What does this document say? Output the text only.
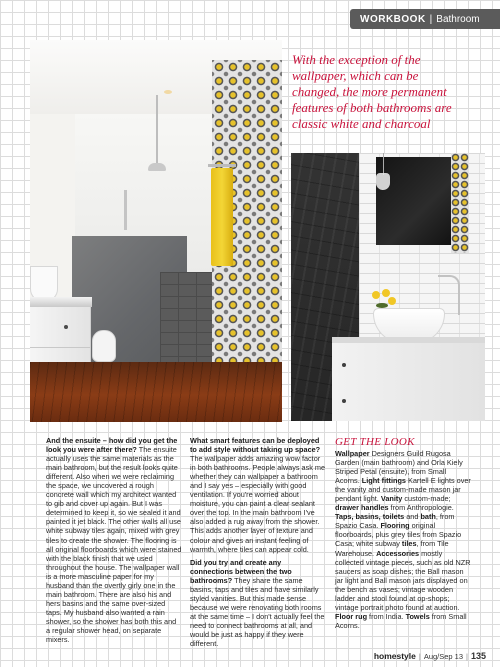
WORKBOOK | Bathroom

With the exception of the wallpaper, which can be changed, the more permanent features of both bathrooms are classic white and charcoal

And the ensuite – how did you get the look you were after there? The ensuite actually uses the same materials as the main bathroom, but the result looks quite different. Also when we were reclaiming the space, we uncovered a rough concrete wall which my architect wanted to gib and cover up again. But I was determined to keep it, so we sealed it and painted it jet black. The other walls all use white subway tiles again, mixed with grey tiles to create the shower. The flooring is all original floorboards which were stained with the black finish that we used throughout the house. The wallpaper wall is a more masculine paper for my husband than the overtly girly one in the main bathroom. There are also his and hers basins and the same over-sized taps. My husband also wanted a rain shower, so the shower has both this and a regular shower head, on separate mixers.

What smart features can be deployed to add style without taking up space? The wallpaper adds amazing wow factor in both bathrooms. People always ask me whether they can wallpaper a bathroom and I say yes – especially with good ventilation. If you're worried about moisture, you can paint a clear sealant over the top. In the main bathroom I've also added a rug away from the shower. This adds another layer of texture and colour and gives an instant feeling of warmth, where tiles can appear cold.

Did you try and create any connections between the two bathrooms? They share the same basins, taps and tiles and have similarly styled vanities. But this made sense because we were renovating both rooms at the same time – I don't actually feel the need to connect bathrooms at all, and would be just as happy if they were different.

GET THE LOOK

Wallpaper Designers Guild Rugosa Garden (main bathroom) and Orla Kiely Striped Petal (ensuite), from Small Acorns. Light fittings Kartell E lights over the vanity and custom-made mason jar pendant light. Vanity custom-made; drawer handles from Anthropologie. Taps, basins, toilets and bath, from Spazio Casa. Flooring original floorboards, plus grey tiles from Spazio Casa; white subway tiles, from Tile Warehouse. Accessories mostly collected vintage pieces, such as old NZR saucers as soap dishes; the Ball mason jar light and Ball mason jars displayed on the bench as vases; vintage wooden ladder and stool found at op-shops; vintage portrait photo found at auction. Floor rug from India. Towels from Small Acorns.

homestyle | Aug/Sep 13 | 135
